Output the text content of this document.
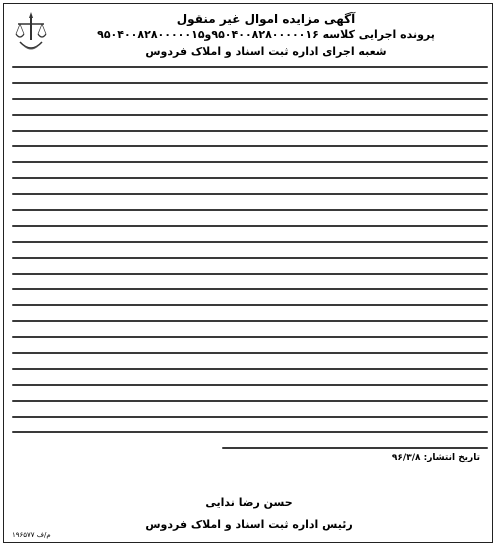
آگهی مزایده اموال غیر منقول
پرونده اجرایی کلاسه ۹۵۰۴۰۰۸۲۸۰۰۰۰۰۱۶و۹۵۰۴۰۰۸۲۸۰۰۰۰۰۱۵
شعبه اجرای اداره ثبت اسناد و املاک فردوس
تاریخ انتشار: ۹۶/۳/۸
حسن رضا ندایی
رئیس اداره ثبت اسناد و املاک فردوس
م/ف ۱۹۶۵۷۷
